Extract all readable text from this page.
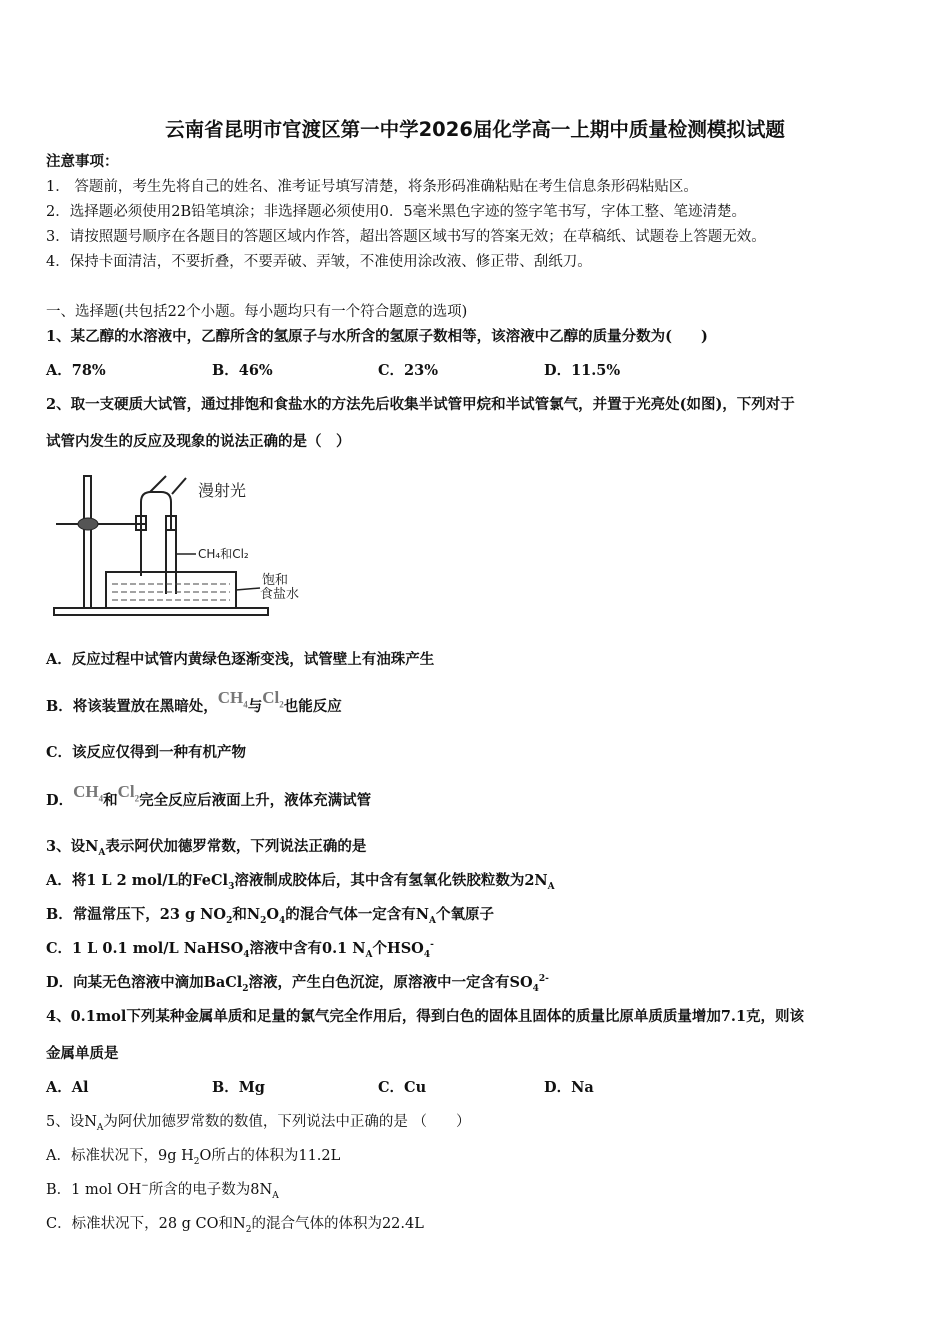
云南省昆明市官渡区第一中学2026届化学高一上期中质量检测模拟试题
注意事项：
1． 答题前，考生先将自己的姓名、准考证号填写清楚，将条形码准确粘贴在考生信息条形码粘贴区。
2．选择题必须使用2B铅笔填涂；非选择题必须使用0．5毫米黑色字迹的签字笔书写，字体工整、笔迹清楚。
3．请按照题号顺序在各题目的答题区域内作答，超出答题区域书写的答案无效；在草稿纸、试题卷上答题无效。
4．保持卡面清洁，不要折叠，不要弄破、弄皱，不准使用涂改液、修正带、刮纸刀。
一、选择题(共包括22个小题。每小题均只有一个符合题意的选项)
1、某乙醇的水溶液中，乙醇所含的氢原子与水所含的氢原子数相等，该溶液中乙醇的质量分数为(　　)
A．78%	B．46%	C．23%	D．11.5%
2、取一支硬质大试管，通过排饱和食盐水的方法先后收集半试管甲烷和半试管氯气，并置于光亮处(如图)，下列对于
试管内发生的反应及现象的说法正确的是（　）
漫射光
CH₄和Cl₂
饱和
食盐水
A．反应过程中试管内黄绿色逐渐变浅，试管壁上有油珠产生
B．将该装置放在黑暗处，$CH_4$与$Cl_2$也能反应
C．该反应仅得到一种有机产物
D．$CH_4$和$Cl_2$完全反应后液面上升，液体充满试管
3、设$N_A$表示阿伏加德罗常数，下列说法正确的是
A．将1 L 2 mol/L的FeCl$_3$溶液制成胶体后，其中含有氢氧化铁胶粒数为$2N_A$
B．常温常压下，23 g $NO_2$和$N_2O_4$的混合气体一定含有$N_A$个氧原子
C．1 L 0.1 mol/L NaHSO$_4$溶液中含有0.1 $N_A$个$HSO_4^-$
D．向某无色溶液中滴加BaCl$_2$溶液，产生白色沉淀，原溶液中一定含有$SO_4^{2-}$
4、0.1mol下列某种金属单质和足量的氯气完全作用后，得到白色的固体且固体的质量比原单质质量增加7.1克，则该
金属单质是
A．Al	B．Mg	C．Cu	D．Na
5、设$N_A$为阿伏加德罗常数的数值，下列说法中正确的是 （　　）
A．标准状况下，9g $H_2O$所占的体积为11.2L
B．1 mol OH−所含的电子数为$8N_A$
C．标准状况下，28 g CO和$N_2$的混合气体的体积为22.4L
